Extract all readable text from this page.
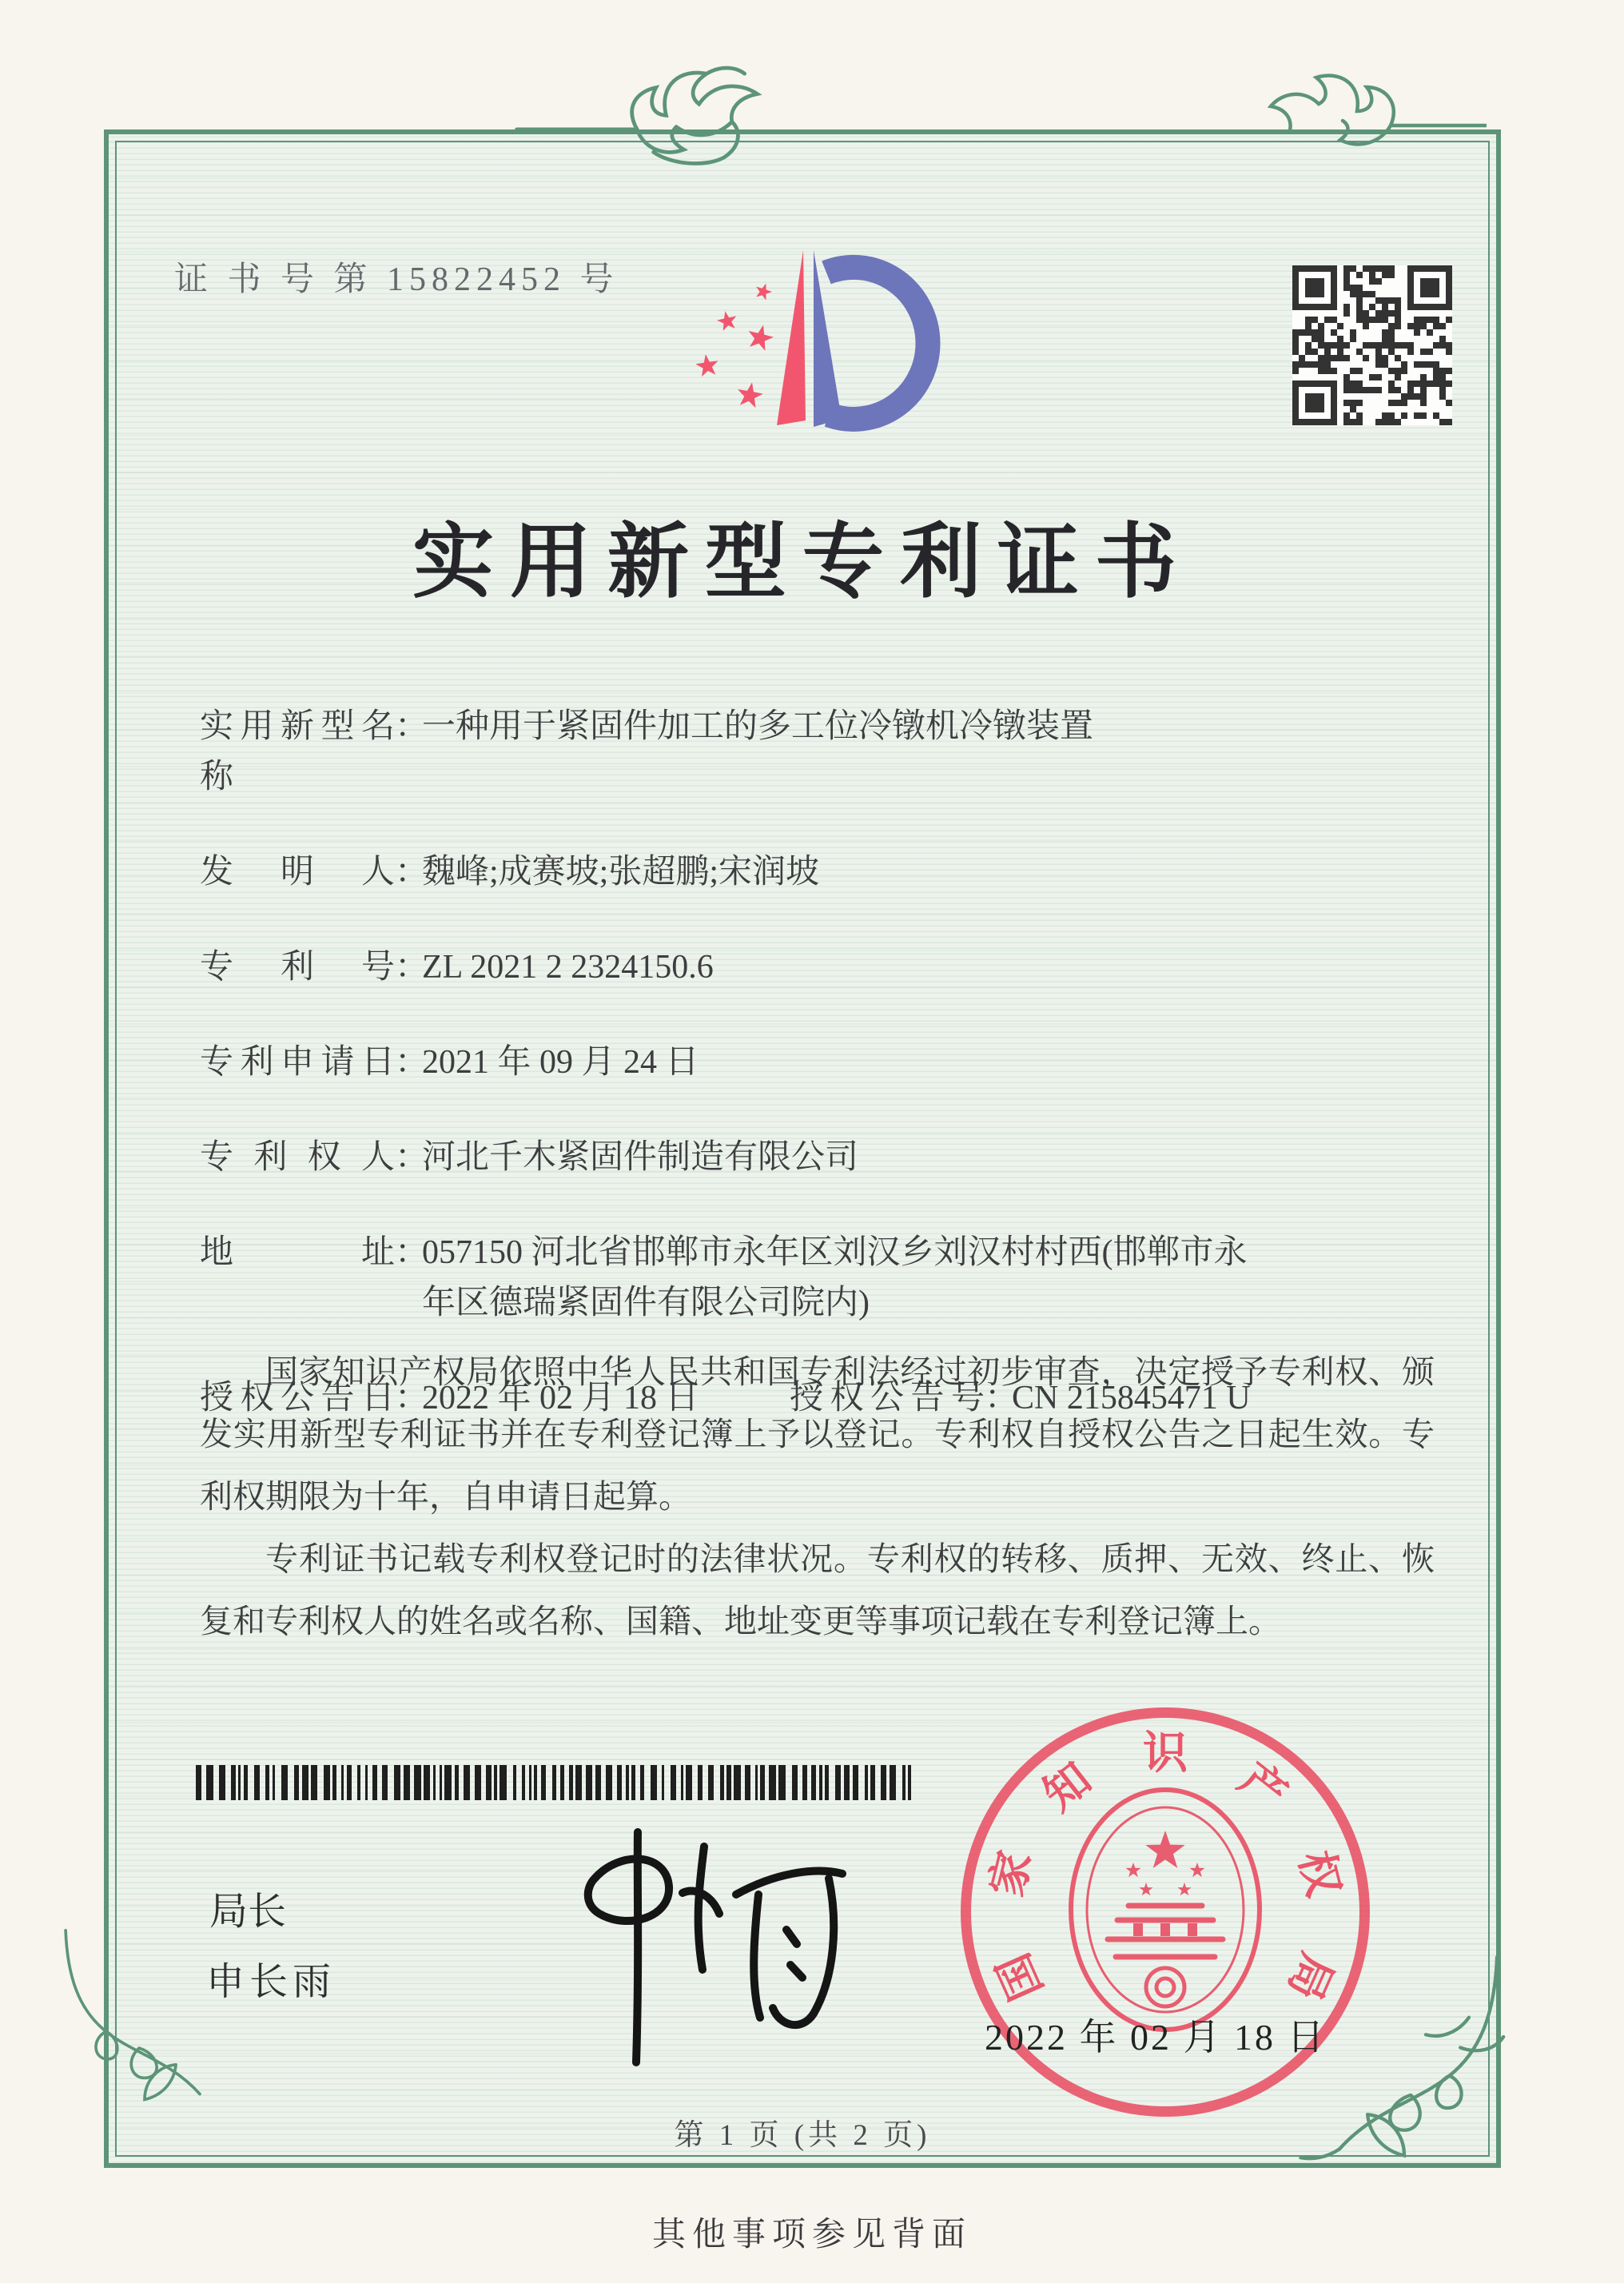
证 书 号 第 15822452 号
实用新型专利证书
实用新型名称
：
一种用于紧固件加工的多工位冷镦机冷镦装置
发明人 ：
魏峰;成赛坡;张超鹏;宋润坡
专利号 ：
ZL 2021 2 2324150.6
专利申请日 ：
2021 年 09 月 24 日
专利权人 ：
河北千木紧固件制造有限公司
地址 ：
057150 河北省邯郸市永年区刘汉乡刘汉村村西(邯郸市永年区德瑞紧固件有限公司院内)
授权公告日 ：
2022 年 02 月 18 日	授权公告号 ：
CN 215845471 U

国家知识产权局依照中华人民共和国专利法经过初步审查，决定授予专利权、颁发实用新型专利证书并在专利登记簿上予以登记。专利权自授权公告之日起生效。专利权期限为十年，自申请日起算。

专利证书记载专利权登记时的法律状况。专利权的转移、质押、无效、终止、恢复和专利权人的姓名或名称、国籍、地址变更等事项记载在专利登记簿上。

局长
申长雨	国
家
知
识
产
权
局
2022 年 02 月 18 日
第 1 页 (共 2 页)
其他事项参见背面
